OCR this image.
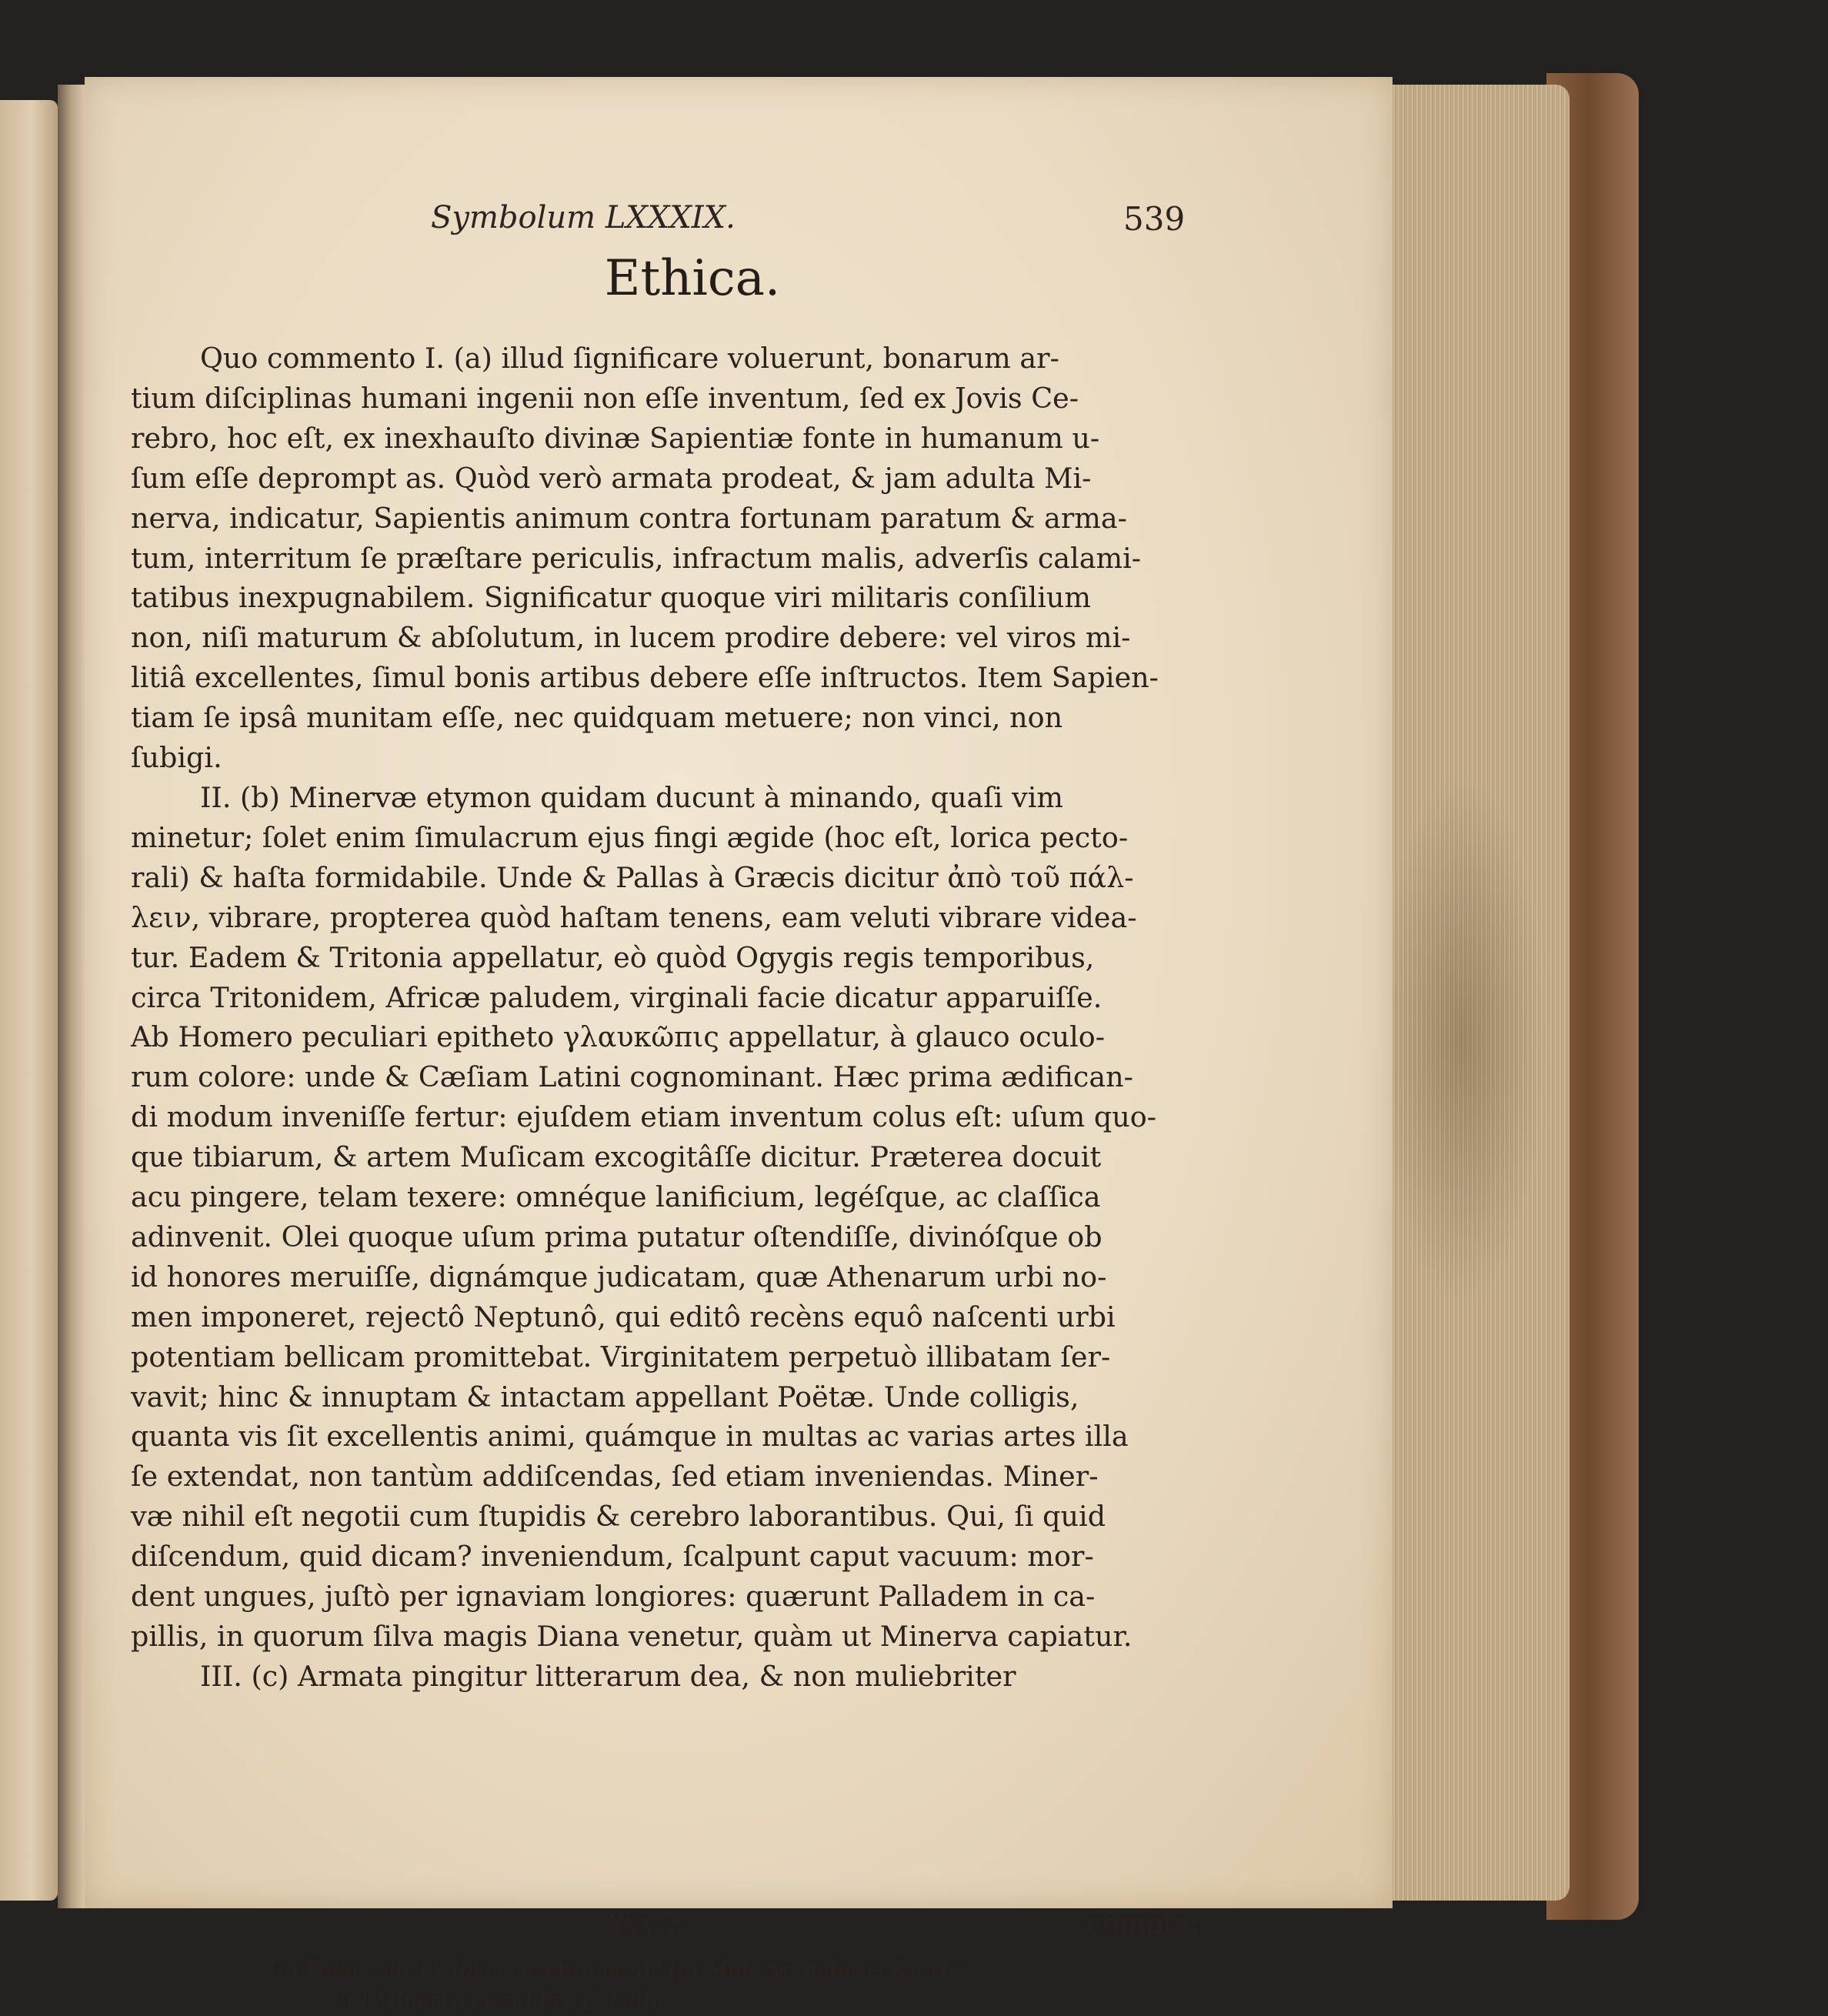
Symbolum LXXXIX.	539
Ethica.
Quo commento I. (a) illud ſignificare voluerunt, bonarum ar-
tium diſciplinas humani ingenii non eſſe inventum, ſed ex Jovis Ce-
rebro, hoc eſt, ex inexhauſto divinæ Sapientiæ fonte in humanum u-
ſum eſſe deprompt as. Quòd verò armata prodeat, & jam adulta Mi-
nerva, indicatur, Sapientis animum contra fortunam paratum & arma-
tum, interritum ſe præſtare periculis, infractum malis, adverſis calami-
tatibus inexpugnabilem. Significatur quoque viri militaris conſilium
non, niſi maturum & abſolutum, in lucem prodire debere: vel viros mi-
litiâ excellentes, ſimul bonis artibus debere eſſe inſtructos. Item Sapien-
tiam ſe ipsâ munitam eſſe, nec quidquam metuere; non vinci, non
ſubigi.
II. (b) Minervæ etymon quidam ducunt à minando, quaſi vim
minetur; ſolet enim ſimulacrum ejus fingi ægide (hoc eſt, lorica pecto-
rali) & haſta formidabile. Unde & Pallas à Græcis dicitur ἀπὸ τοῦ πάλ-
λειν, vibrare, propterea quòd haſtam tenens, eam veluti vibrare videa-
tur. Eadem & Tritonia appellatur, eò quòd Ogygis regis temporibus,
circa Tritonidem, Africæ paludem, virginali facie dicatur apparuiſſe.
Ab Homero peculiari epitheto γλαυκῶπις appellatur, à glauco oculo-
rum colore: unde & Cæſiam Latini cognominant. Hæc prima ædifican-
di modum inveniſſe fertur: ejuſdem etiam inventum colus eſt: uſum quo-
que tibiarum, & artem Muſicam excogitâſſe dicitur. Præterea docuit
acu pingere, telam texere: omnéque lanificium, legéſque, ac claſſica
adinvenit. Olei quoque uſum prima putatur oſtendiſſe, divinóſque ob
id honores meruiſſe, dignámque judicatam, quæ Athenarum urbi no-
men imponeret, rejectô Neptunô, qui editô recèns equô naſcenti urbi
potentiam bellicam promittebat. Virginitatem perpetuò illibatam ſer-
vavit; hinc & innuptam & intactam appellant Poëtæ. Unde colligis,
quanta vis ſit excellentis animi, quámque in multas ac varias artes illa
ſe extendat, non tantùm addiſcendas, ſed etiam inveniendas. Miner-
væ nihil eſt negotii cum ſtupidis & cerebro laborantibus. Qui, ſi quid
diſcendum, quid dicam? inveniendum, ſcalpunt caput vacuum: mor-
dent ungues, juſtò per ignaviam longiores: quærunt Palladem in ca-
pillis, in quorum ſilva magis Diana venetur, quàm ut Minerva capiatur.
III. (c) Armata pingitur litterarum dea, & non muliebriter
Yyy 2	compta;
(a) Pallas cur ex Iovis cerebro nata? (b) Minerva habitus & artes.
(c) Minerva cum libro & haſta.
